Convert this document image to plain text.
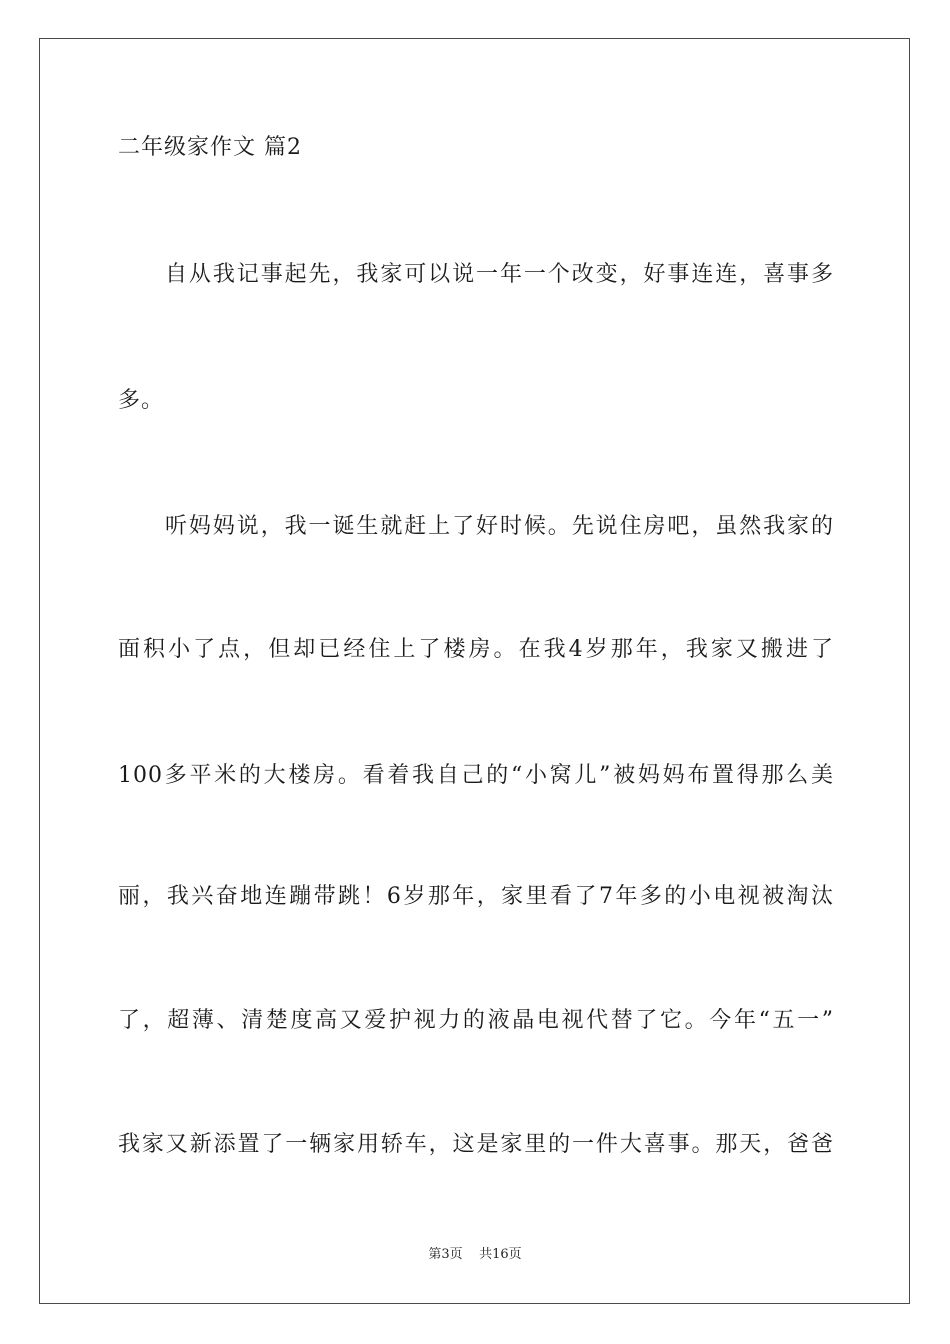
二年级家作文 篇2
自从我记事起先，我家可以说一年一个改变，好事连连，喜事多
多。
听妈妈说，我一诞生就赶上了好时候。先说住房吧，虽然我家的
面积小了点，但却已经住上了楼房。在我4岁那年，我家又搬进了
100多平米的大楼房。看着我自己的“小窝儿”被妈妈布置得那么美
丽，我兴奋地连蹦带跳！6岁那年，家里看了7年多的小电视被淘汰
了，超薄、清楚度高又爱护视力的液晶电视代替了它。今年“五一”
我家又新添置了一辆家用轿车，这是家里的一件大喜事。那天，爸爸
第3页 共16页
